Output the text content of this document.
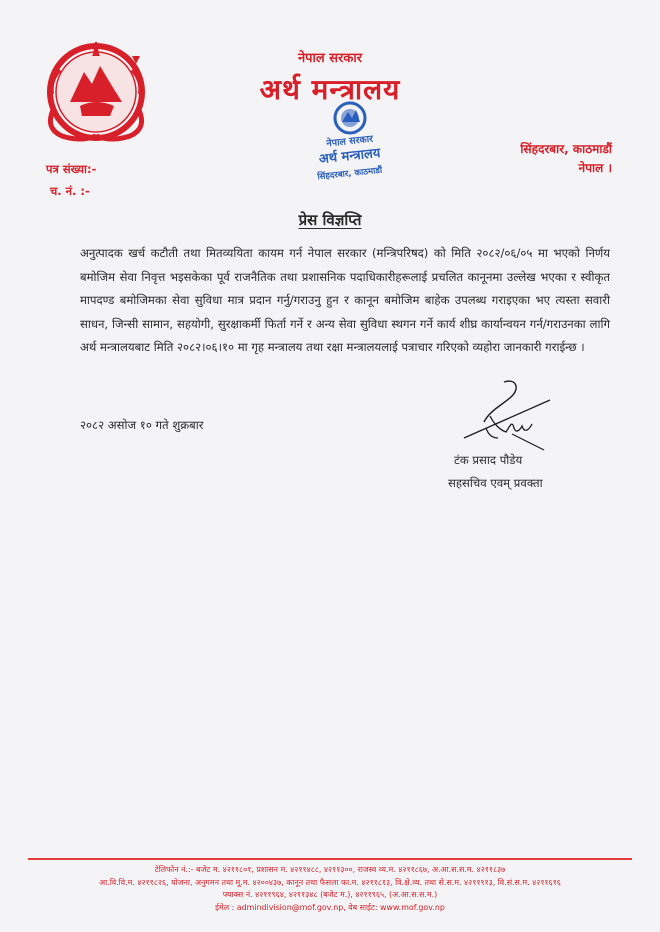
नेपाल सरकार
अर्थ मन्त्रालय
नेपाल सरकार
अर्थ मन्त्रालय
सिंहदरबार, काठमाडौं
सिंहदरबार, काठमाडौं
नेपाल ।
पत्र संख्या:-
च. नं. :-
प्रेस विज्ञप्ति
अनुत्पादक खर्च कटौती तथा मितव्ययिता कायम गर्न नेपाल सरकार (मन्त्रिपरिषद) को मिति २०८२/०६/०५ मा भएको निर्णय बमोजिम सेवा निवृत्त भइसकेका पूर्व राजनैतिक तथा प्रशासनिक पदाधिकारीहरूलाई प्रचलित कानूनमा उल्लेख भएका र स्वीकृत मापदण्ड बमोजिमका सेवा सुविधा मात्र प्रदान गर्नु/गराउनु हुन र कानून बमोजिम बाहेक उपलब्ध गराइएका भए त्यस्ता सवारी साधन, जिन्सी सामान, सहयोगी, सुरक्षाकर्मी फिर्ता गर्ने र अन्य सेवा सुविधा स्थगन गर्ने कार्य शीघ्र कार्यान्वयन गर्न/गराउनका लागि अर्थ मन्त्रालयबाट मिति २०८२।०६।१० मा गृह मन्त्रालय तथा रक्षा मन्त्रालयलाई पत्राचार गरिएको व्यहोरा जानकारी गराईन्छ ।
२०८२ असोज १० गते शुक्रबार
टंक प्रसाद पौडेय
सहसचिव एवम् प्रवक्ता
टेलिफोन नं.:- बजेट म. ४२११८०१, प्रशासन म. ४२११४८८, ४२११३००, राजस्व व्य.म. ४२११८६७, अ.आ.स.स.म. ४२११८३७
आ.वि.वि.म. ४२११८२६, योजना, अनुगमन तथा मू.म. ४२००४३७, कानून तथा फैसला का.म. ४२११८१३, वि.क्षे.व्य. तथा से.स.म. ४२११९१३, वि.सं.स.म. ४२११६१६
फ्याक्स नं. ४२११९६४, ४२११३४८ (बजेट म.), ४२११९६५, (अ.आ.स.स.म.)
ईमेल : admindivision@mof.gov.np, वेब साईट: www.mof.gov.np
